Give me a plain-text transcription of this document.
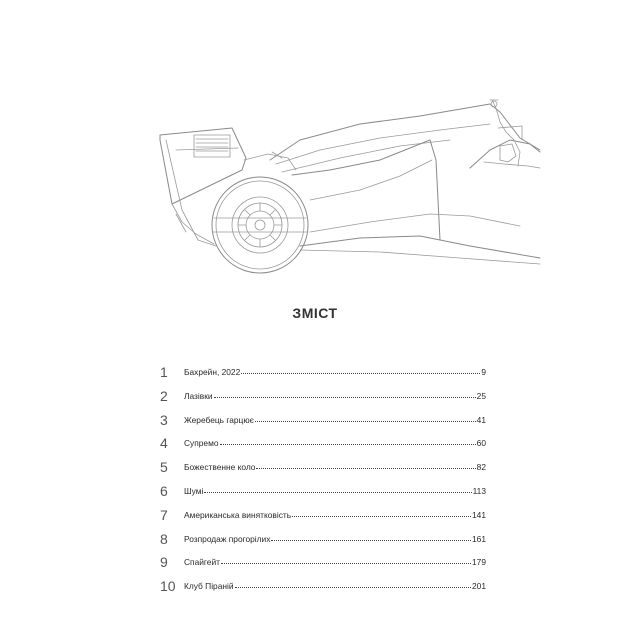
ЗМІСТ
1	Бахрейн, 2022	9
2	Лазівки	25
3	Жеребець гарцює	41
4	Супремо	60
5	Божественне коло	82
6	Шумі	113
7	Американська винятковість	141
8	Розпродаж прогорілих	161
9	Спайгейт	179
10	Клуб Піраній	201
